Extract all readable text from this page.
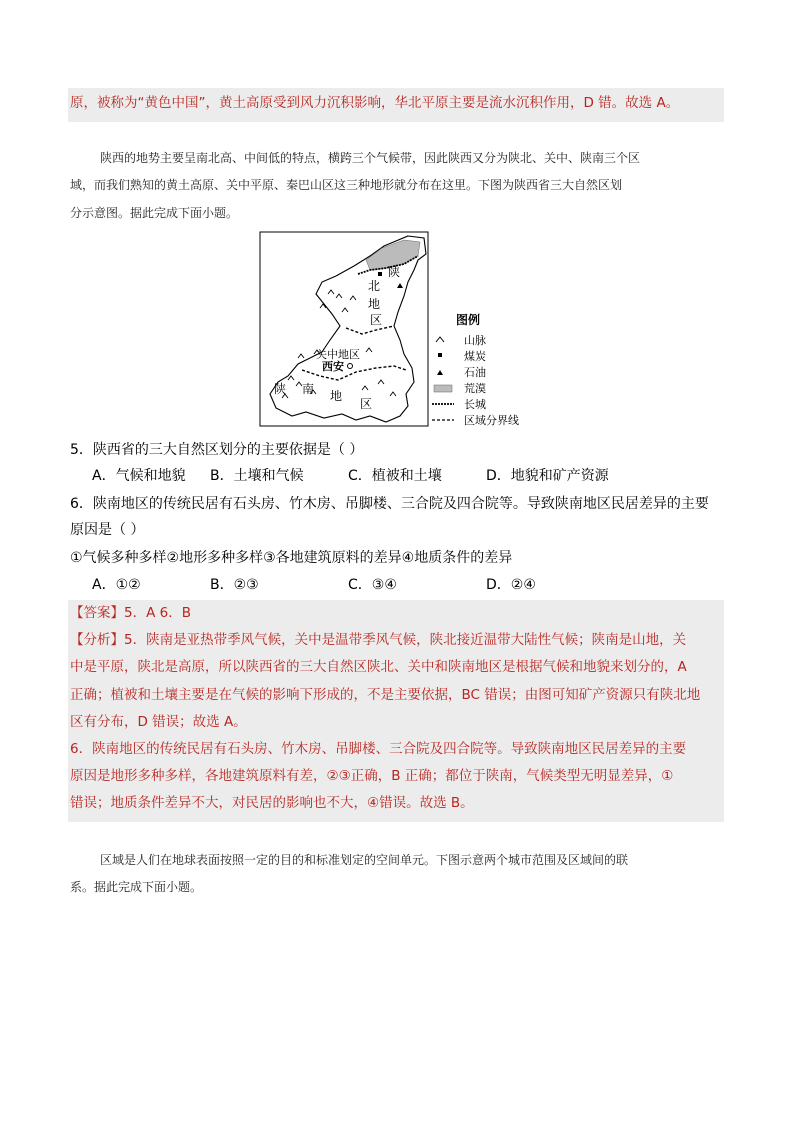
原，被称为“黄色中国”，黄土高原受到风力沉积影响，华北平原主要是流水沉积作用，D 错。故选 A。
陕西的地势主要呈南北高、中间低的特点，横跨三个气候带，因此陕西又分为陕北、关中、陕南三个区
域，而我们熟知的黄土高原、关中平原、秦巴山区这三种地形就分布在这里。下图为陕西省三大自然区划
分示意图。据此完成下面小题。
陕
北
地
区
关中地区
西安
陕 南 地
区
图例
山脉
煤炭
石油
荒漠
长城
区域分界线
5．陕西省的三大自然区划分的主要依据是（ ）
A．气候和地貌 B．土壤和气候	C．植被和土壤	D．地貌和矿产资源
6．陕南地区的传统民居有石头房、竹木房、吊脚楼、三合院及四合院等。导致陕南地区民居差异的主要
原因是（ ）
①气候多种多样②地形多种多样③各地建筑原料的差异④地质条件的差异
A．①②	B．②③	C．③④	D．②④
【答案】5．A 6．B
【分析】5．陕南是亚热带季风气候，关中是温带季风气候，陕北接近温带大陆性气候；陕南是山地，关
中是平原，陕北是高原，所以陕西省的三大自然区陕北、关中和陕南地区是根据气候和地貌来划分的，A
正确；植被和土壤主要是在气候的影响下形成的，不是主要依据，BC 错误；由图可知矿产资源只有陕北地
区有分布，D 错误；故选 A。
6．陕南地区的传统民居有石头房、竹木房、吊脚楼、三合院及四合院等。导致陕南地区民居差异的主要
原因是地形多种多样，各地建筑原料有差，②③正确，B 正确；都位于陕南，气候类型无明显差异，①
错误；地质条件差异不大，对民居的影响也不大，④错误。故选 B。
区域是人们在地球表面按照一定的目的和标准划定的空间单元。下图示意两个城市范围及区域间的联
系。据此完成下面小题。
